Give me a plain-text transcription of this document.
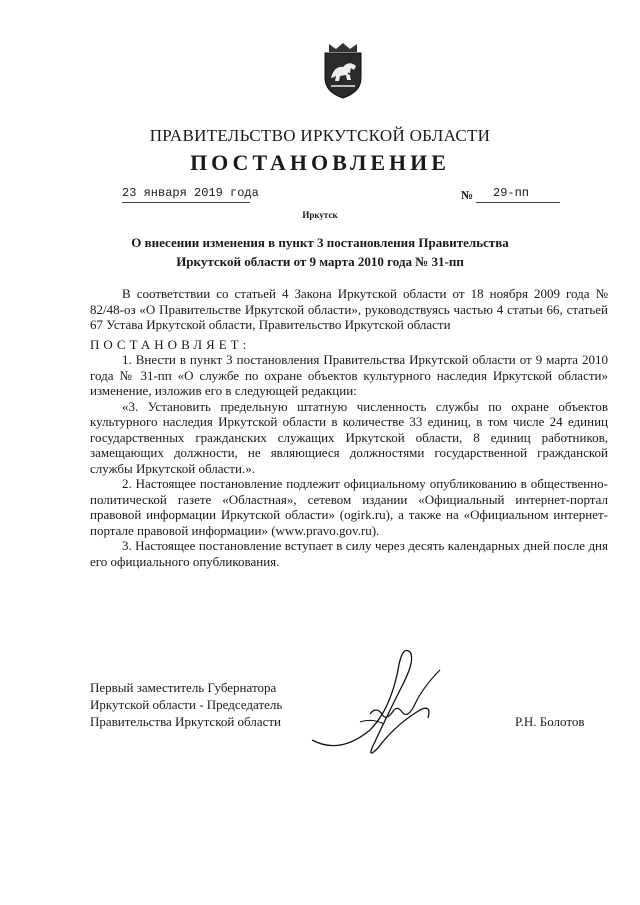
ПРАВИТЕЛЬСТВО ИРКУТСКОЙ ОБЛАСТИ
ПОСТАНОВЛЕНИЕ
23 января 2019 года	№ 29-пп
Иркутск
О внесении изменения в пункт 3 постановления Правительства
Иркутской области от 9 марта 2010 года № 31-пп

В соответствии со статьей 4 Закона Иркутской области от 18 ноября 2009 года № 82/48-оз «О Правительстве Иркутской области», руководствуясь частью 4 статьи 66, статьей 67 Устава Иркутской области, Правительство Иркутской области

ПОСТАНОВЛЯЕТ:

1. Внести в пункт 3 постановления Правительства Иркутской области от 9 марта 2010 года № 31-пп «О службе по охране объектов культурного наследия Иркутской области» изменение, изложив его в следующей редакции:

«3. Установить предельную штатную численность службы по охране объектов культурного наследия Иркутской области в количестве 33 единиц, в том числе 24 единиц государственных гражданских служащих Иркутской области, 8 единиц работников, замещающих должности, не являющиеся должностями государственной гражданской службы Иркутской области.».

2. Настоящее постановление подлежит официальному опубликованию в общественно-политической газете «Областная», сетевом издании «Официальный интернет-портал правовой информации Иркутской области» (ogirk.ru), а также на «Официальном интернет-портале правовой информации» (www.pravo.gov.ru).

3. Настоящее постановление вступает в силу через десять календарных дней после дня его официального опубликования.

Первый заместитель Губернатора
Иркутской области - Председатель
Правительства Иркутской области	Р.Н. Болотов
